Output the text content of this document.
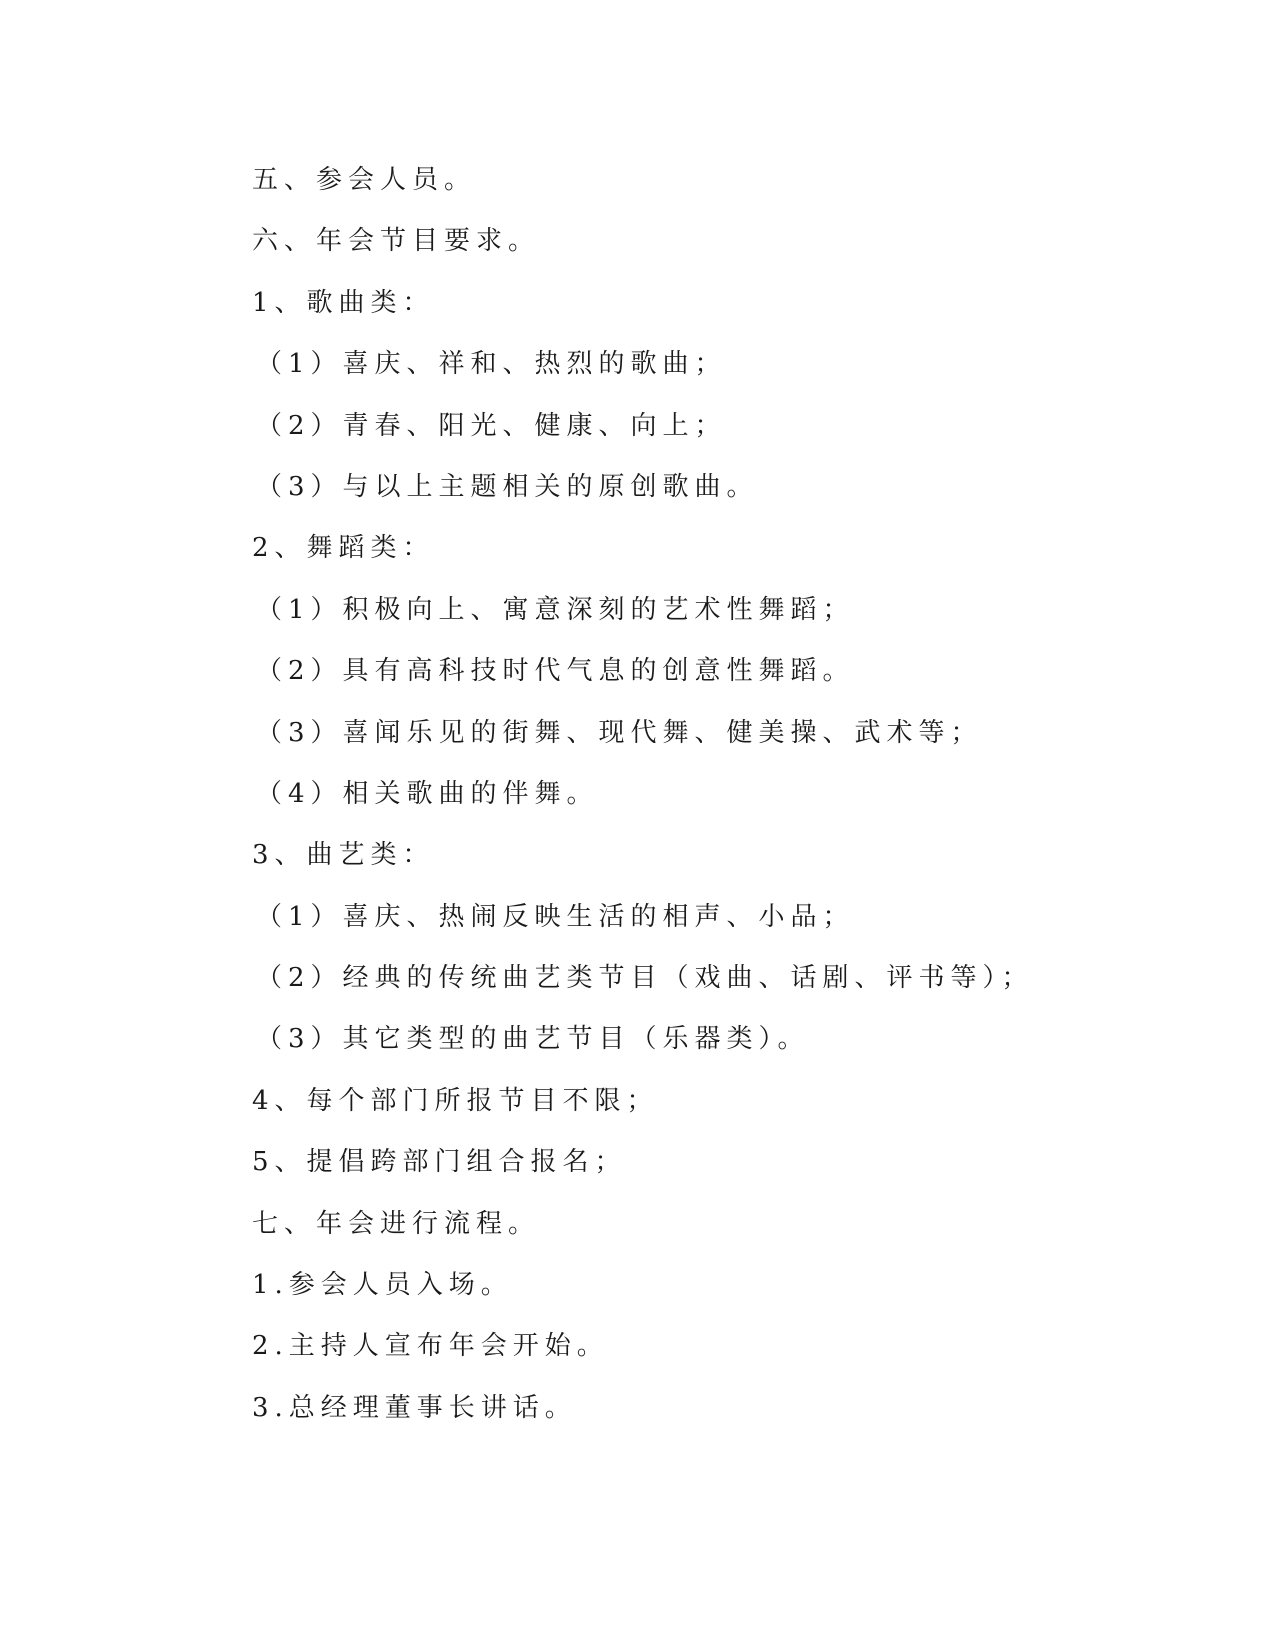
五、参会人员。
六、年会节目要求。
1、歌曲类：
（1）喜庆、祥和、热烈的歌曲；
（2）青春、阳光、健康、向上；
（3）与以上主题相关的原创歌曲。
2、舞蹈类：
（1）积极向上、寓意深刻的艺术性舞蹈；
（2）具有高科技时代气息的创意性舞蹈。
（3）喜闻乐见的街舞、现代舞、健美操、武术等；
（4）相关歌曲的伴舞。
3、曲艺类：
（1）喜庆、热闹反映生活的相声、小品；
（2）经典的传统曲艺类节目（戏曲、话剧、评书等）；
（3）其它类型的曲艺节目（乐器类）。
4、每个部门所报节目不限；
5、提倡跨部门组合报名；
七、年会进行流程。
1.参会人员入场。
2.主持人宣布年会开始。
3.总经理董事长讲话。
